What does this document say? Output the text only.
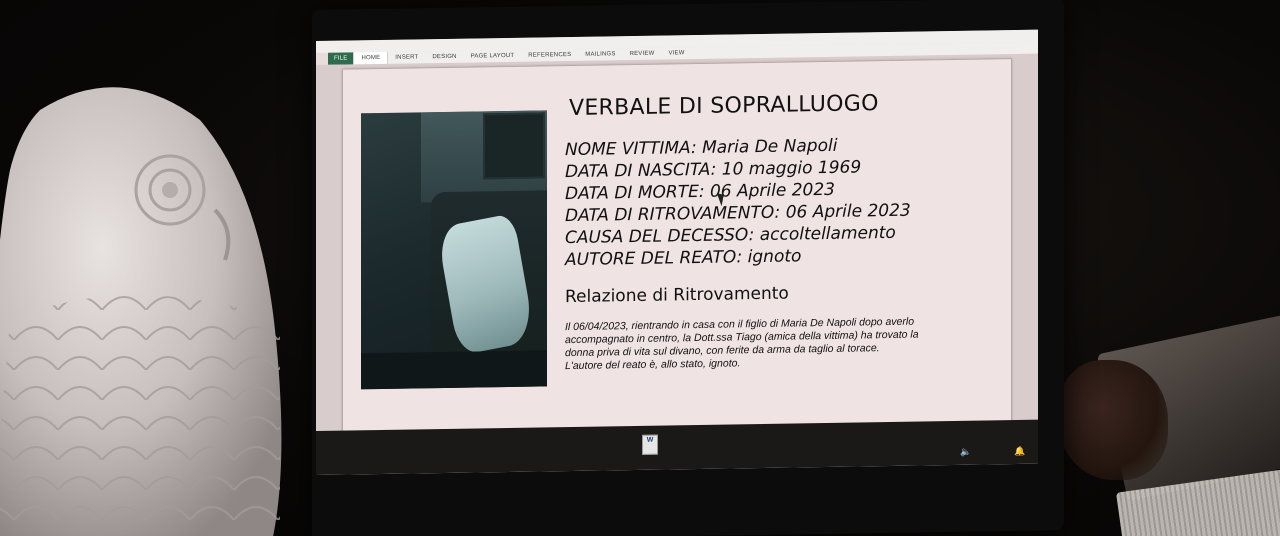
FILE	HOME	INSERT	DESIGN	PAGE LAYOUT	REFERENCES	MAILINGS	REVIEW	VIEW
VERBALE DI SOPRALLUOGO

NOME VITTIMA: Maria De Napoli

DATA DI NASCITA: 10 maggio 1969

DATA DI MORTE: 06 Aprile 2023

DATA DI RITROVAMENTO: 06 Aprile 2023

CAUSA DEL DECESSO: accoltellamento

AUTORE DEL REATO: ignoto

Relazione di Ritrovamento

Il 06/04/2023, rientrando in casa con il figlio di Maria De Napoli dopo averlo

accompagnato in centro, la Dott.ssa Tiago (amica della vittima) ha trovato la

donna priva di vita sul divano, con ferite da arma da taglio al torace.

L'autore del reato è, allo stato, ignoto.

W
🔈	🔔
